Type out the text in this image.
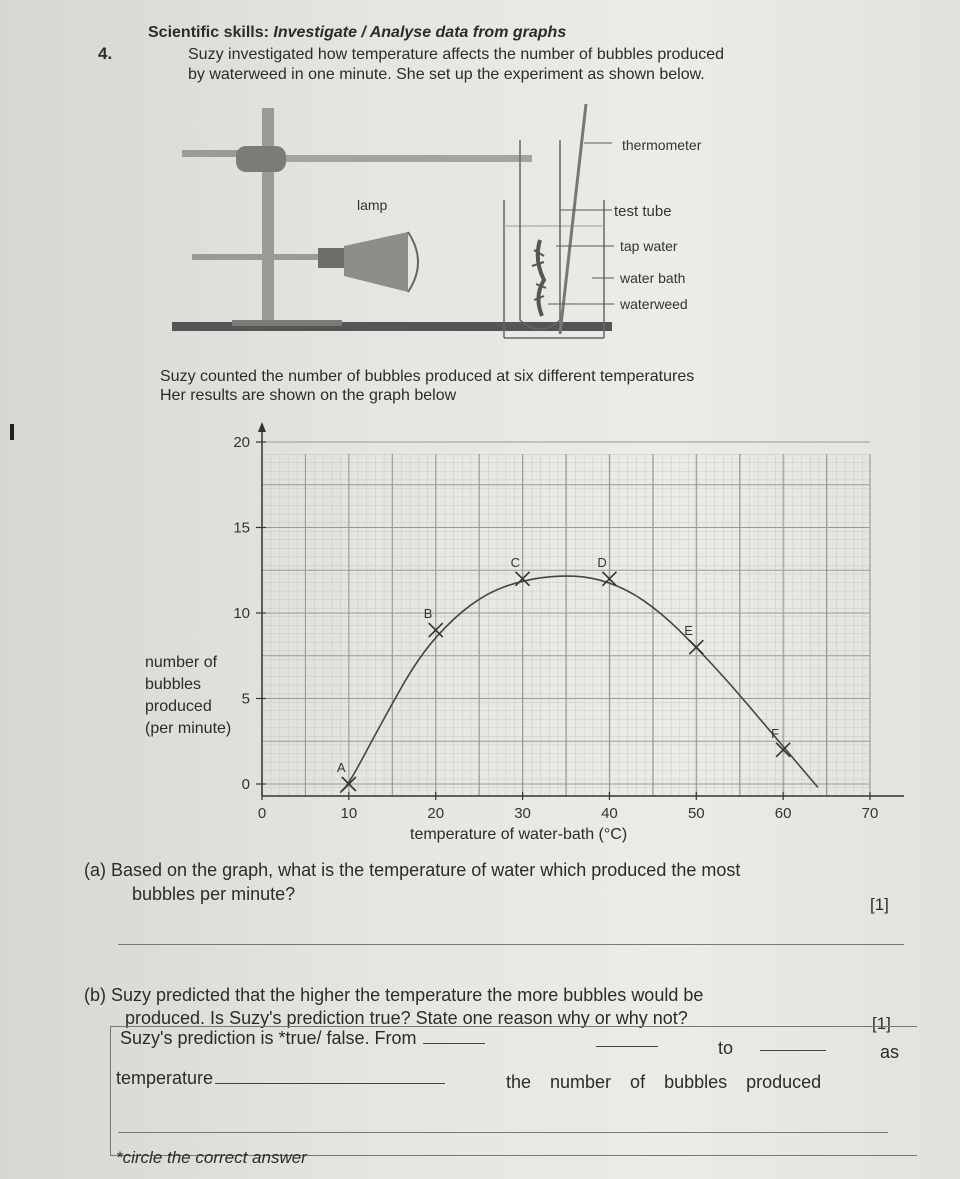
Scientific skills: Investigate / Analyse data from graphs
4.	Suzy investigated how temperature affects the number of bubbles produced
by waterweed in one minute. She set up the experiment as shown below.
thermometer
lamp	test tube
tap water
water bath
waterweed
Suzy counted the number of bubbles produced at six different temperatures
Her results are shown on the graph below
0	10	20	30	40	50	60	70
0
5
10
15
20
A
B
C	D
E
F
number of
bubbles
produced
(per minute)
temperature of water-bath (°C)
(a) Based on the graph, what is the temperature of water which produced the most
bubbles per minute?
[1]
(b) Suzy predicted that the higher the temperature the more bubbles would be
produced. Is Suzy's prediction true? State one reason why or why not?	[1]
Suzy's prediction is *true/ false. From	to	as
temperature	the number of bubbles produced
*circle the correct answer
